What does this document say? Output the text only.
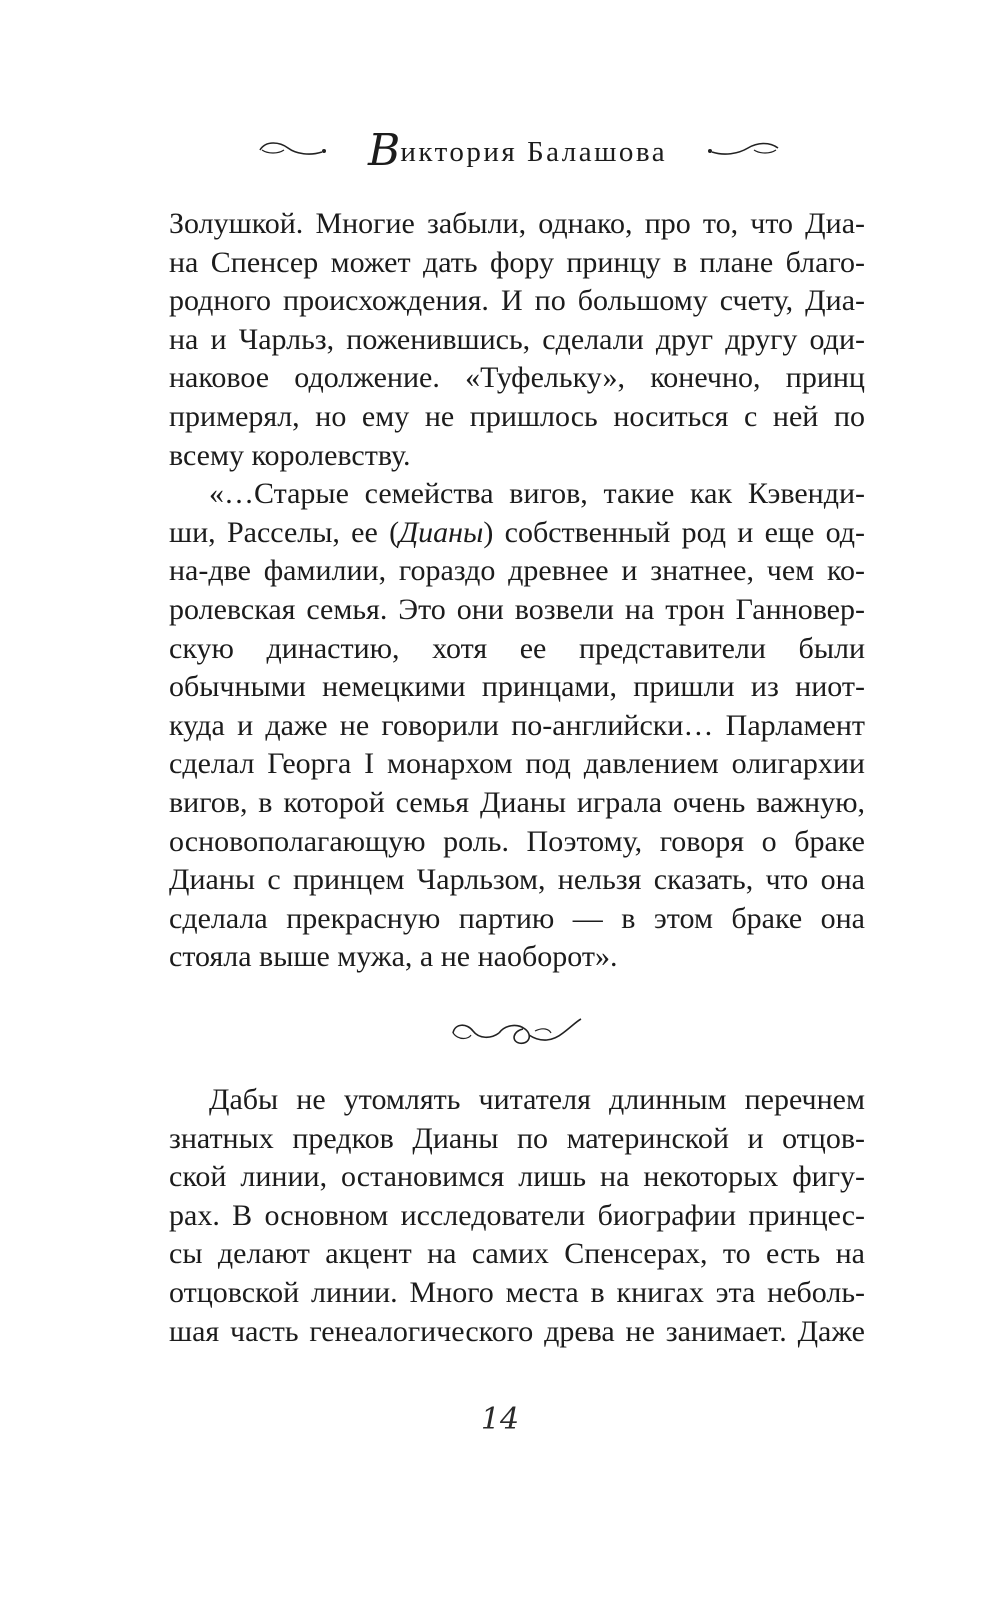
Виктория Балашова

Золушкой. Многие забыли, однако, про то, что Диа-
на Спенсер может дать фору принцу в плане благо-
родного происхождения. И по большому счету, Диа-
на и Чарльз, поженившись, сделали друг другу оди-
наковое одолжение. «Туфельку», конечно, принц
примерял, но ему не пришлось носиться с ней по
всему королевству.

«…Старые семейства вигов, такие как Кэвенди-
ши, Расселы, ее (Дианы) собственный род и еще од-
на-две фамилии, гораздо древнее и знатнее, чем ко-
ролевская семья. Это они возвели на трон Ганновер-
скую династию, хотя ее представители были
обычными немецкими принцами, пришли из ниот-
куда и даже не говорили по-английски… Парламент
сделал Георга I монархом под давлением олигархии
вигов, в которой семья Дианы играла очень важную,
основополагающую роль. Поэтому, говоря о браке
Дианы с принцем Чарльзом, нельзя сказать, что она
сделала прекрасную партию — в этом браке она
стояла выше мужа, а не наоборот».

Дабы не утомлять читателя длинным перечнем
знатных предков Дианы по материнской и отцов-
ской линии, остановимся лишь на некоторых фигу-
рах. В основном исследователи биографии принцес-
сы делают акцент на самих Спенсерах, то есть на
отцовской линии. Много места в книгах эта неболь-
шая часть генеалогического древа не занимает. Даже

14
